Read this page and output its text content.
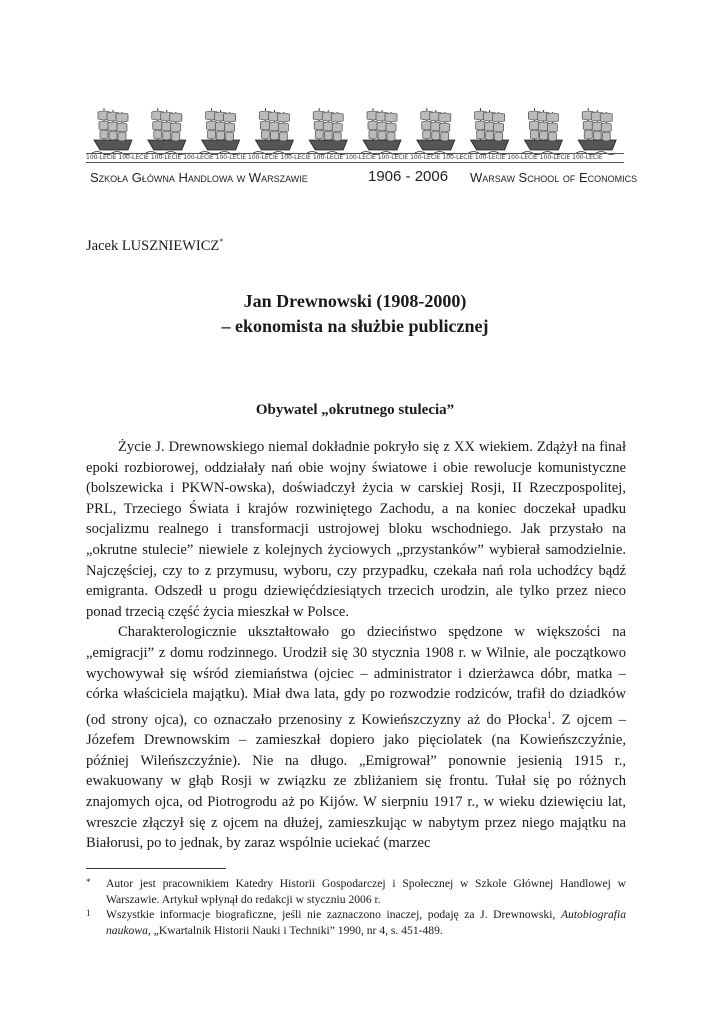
100-LECIE 100-LECIE 100-LECIE 100-LECIE 100-LECIE 100-LECIE 100-LECIE 100-LECIE 100-LECIE 100-LECIE 100-LECIE 100-LECIE 100-LECIE 100-LECIE 100-LECIE 100-LECIE
Szkoła Główna Handlowa w Warszawie	1906 - 2006 Warsaw School of Economics
Jacek LUSZNIEWICZ*
Jan Drewnowski (1908-2000)
– ekonomista na służbie publicznej
Obywatel „okrutnego stulecia”

Życie J. Drewnowskiego niemal dokładnie pokryło się z XX wiekiem. Zdążył na finał epoki rozbiorowej, oddziałały nań obie wojny światowe i obie rewolucje komunistyczne (bolszewicka i PKWN-owska), doświadczył życia w carskiej Rosji, II Rzeczpospolitej, PRL, Trzeciego Świata i krajów rozwiniętego Zachodu, a na koniec doczekał upadku socjalizmu realnego i transformacji ustrojowej bloku wschodniego. Jak przystało na „okrutne stulecie” niewiele z kolejnych życiowych „przystanków” wybierał samodzielnie. Najczęściej, czy to z przymusu, wyboru, czy przypadku, czekała nań rola uchodźcy bądź emigranta. Odszedł u progu dziewięćdziesiątych trzecich urodzin, ale tylko przez nieco ponad trzecią część życia mieszkał w Polsce.

Charakterologicznie ukształtowało go dzieciństwo spędzone w większości na „emigracji” z domu rodzinnego. Urodził się 30 stycznia 1908 r. w Wilnie, ale początkowo wychowywał się wśród ziemiaństwa (ojciec – administrator i dzierżawca dóbr, matka – córka właściciela majątku). Miał dwa lata, gdy po rozwodzie rodziców, trafił do dziadków (od strony ojca), co oznaczało przenosiny z Kowieńszczyzny aż do Płocka$^1$. Z ojcem – Józefem Drewnowskim – zamieszkał dopiero jako pięciolatek (na Kowieńszczyźnie, później Wileńszczyźnie). Nie na długo. „Emigrował” ponownie jesienią 1915 r., ewakuowany w głąb Rosji w związku ze zbliżaniem się frontu. Tułał się po różnych znajomych ojca, od Piotrogrodu aż po Kijów. W sierpniu 1917 r., w wieku dziewięciu lat, wreszcie złączył się z ojcem na dłużej, zamieszkując w nabytym przez niego majątku na Białorusi, po to jednak, by zaraz wspólnie uciekać (marzec

*	Autor jest pracownikiem Katedry Historii Gospodarczej i Społecznej w Szkole Głównej Handlowej w Warszawie. Artykuł wpłynął do redakcji w styczniu 2006 r.
1	Wszystkie informacje biograficzne, jeśli nie zaznaczono inaczej, podaję za J. Drewnowski, Autobiografia naukowa, „Kwartalnik Historii Nauki i Techniki” 1990, nr 4, s. 451-489.
